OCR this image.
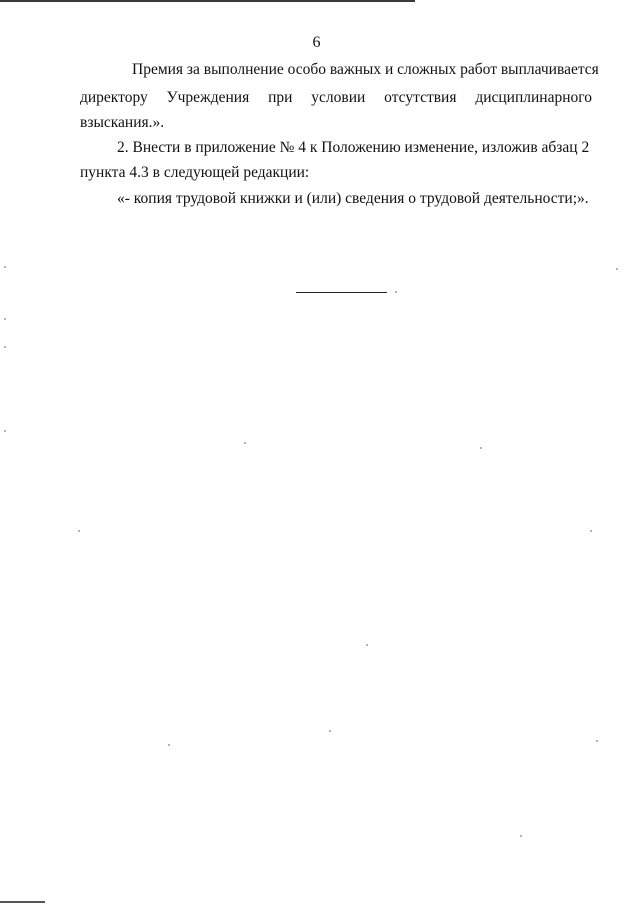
6
Премия за выполнение особо важных и сложных работ выплачивается
директору Учреждения при условии отсутствия дисциплинарного
взыскания.».
2. Внести в приложение № 4 к Положению изменение, изложив абзац 2
пункта 4.3 в следующей редакции:
«- копия трудовой книжки и (или) сведения о трудовой деятельности;».
